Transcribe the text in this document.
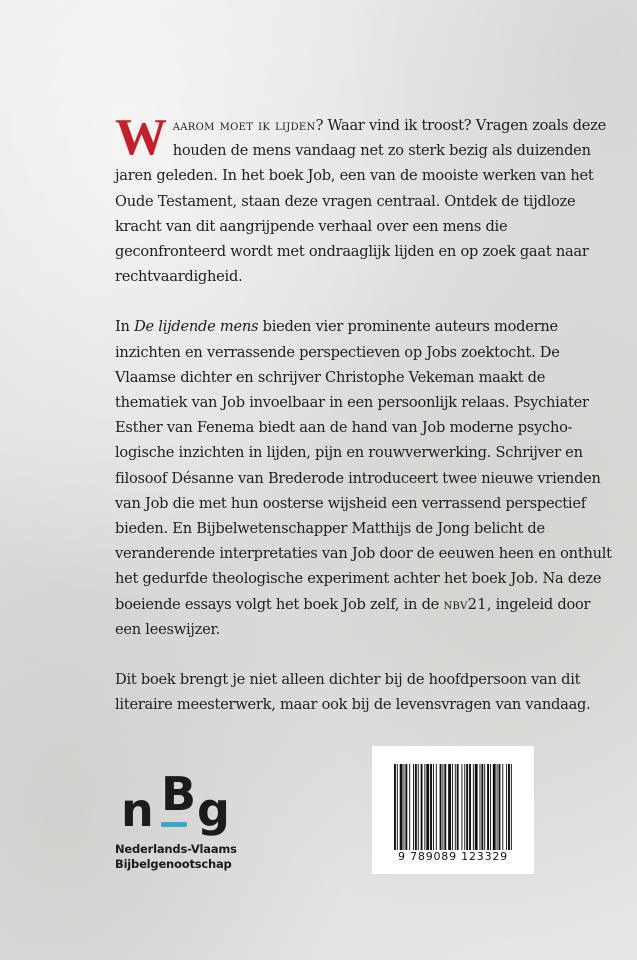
Waarom moet ik lijden? Waar vind ik troost? Vragen zoals deze houden de mens vandaag net zo sterk bezig als duizenden jaren geleden. In het boek Job, een van de mooiste werken van het Oude Testament, staan deze vragen centraal. Ontdek de tijdloze kracht van dit aangrijpende verhaal over een mens die geconfronteerd wordt met ondraaglijk lijden en op zoek gaat naar rechtvaardigheid.

In De lijdende mens bieden vier prominente auteurs moderne inzichten en verrassende perspectieven op Jobs zoektocht. De Vlaamse dichter en schrijver Christophe Vekeman maakt de thematiek van Job invoelbaar in een persoonlijk relaas. Psychiater Esther van Fenema biedt aan de hand van Job moderne psychologische inzichten in lijden, pijn en rouwverwerking. Schrijver en filosoof Désanne van Brederode introduceert twee nieuwe vrienden van Job die met hun oosterse wijsheid een verrassend perspectief bieden. En Bijbelwetenschapper Matthijs de Jong belicht de veranderende interpretaties van Job door de eeuwen heen en onthult het gedurfde theologische experiment achter het boek Job. Na deze boeiende essays volgt het boek Job zelf, in de nbv21, ingeleid door een leeswijzer.

Dit boek brengt je niet alleen dichter bij de hoofdpersoon van dit literaire meesterwerk, maar ook bij de levensvragen van vandaag.

n B g
Nederlands-Vlaams
Bijbelgenootschap
9 789089 123329
